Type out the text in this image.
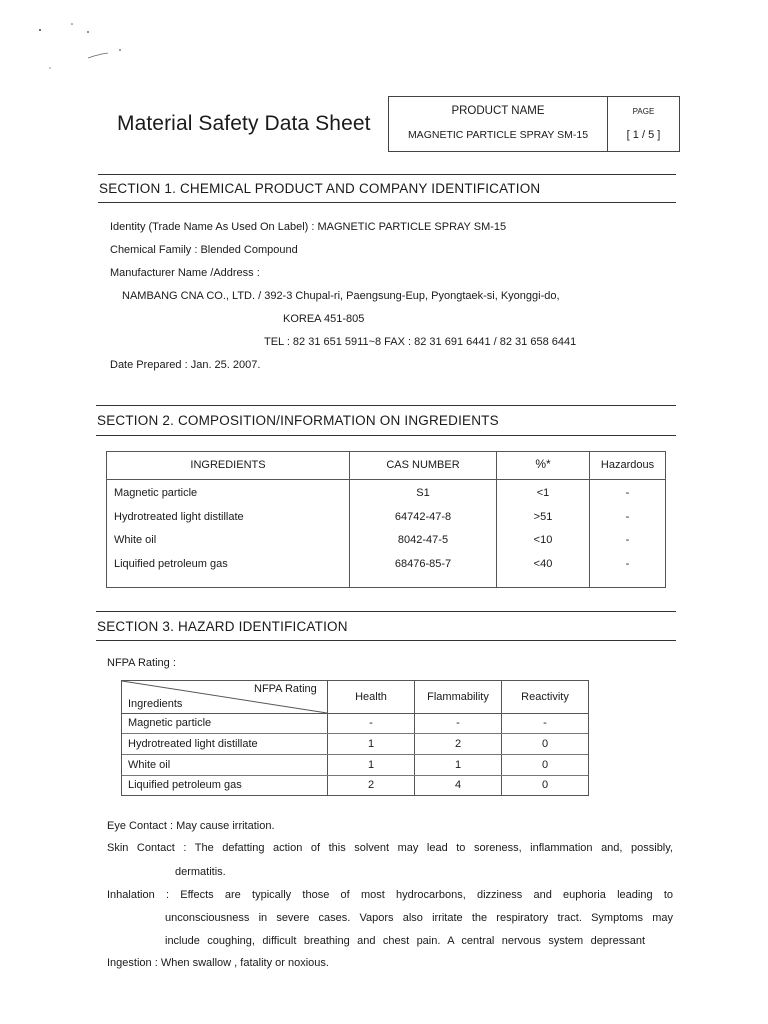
Material Safety Data Sheet
PRODUCT NAME
MAGNETIC PARTICLE SPRAY SM-15
PAGE
[ 1 / 5 ]
SECTION 1. CHEMICAL PRODUCT AND COMPANY IDENTIFICATION
Identity (Trade Name As Used On Label) : MAGNETIC PARTICLE SPRAY SM-15
Chemical Family : Blended Compound
Manufacturer Name /Address :
NAMBANG CNA CO., LTD. / 392-3 Chupal-ri, Paengsung-Eup, Pyongtaek-si, Kyonggi-do,
KOREA 451-805
TEL : 82 31 651 5911~8 FAX : 82 31 691 6441 / 82 31 658 6441
Date Prepared : Jan. 25. 2007.
SECTION 2. COMPOSITION/INFORMATION ON INGREDIENTS
INGREDIENTS	CAS NUMBER	%*	Hazardous
Magnetic particle	S1	<1	-
Hydrotreated light distillate	64742-47-8	>51	-
White oil	8042-47-5	<10	-
Liquified petroleum gas	68476-85-7	<40	-
SECTION 3. HAZARD IDENTIFICATION
NFPA Rating :
NFPA Rating
Ingredients
Health	Flammability	Reactivity
Magnetic particle	-	-	-
Hydrotreated light distillate	1	2	0
White oil	1	1	0
Liquified petroleum gas	2	4	0
Eye Contact : May cause irritation.
Skin Contact : The defatting action of this solvent may lead to soreness, inflammation and, possibly,
dermatitis.
Inhalation : Effects are typically those of most hydrocarbons, dizziness and euphoria leading to
unconsciousness in severe cases. Vapors also irritate the respiratory tract. Symptoms may
include coughing, difficult breathing and chest pain. A central nervous system depressant
Ingestion : When swallow , fatality or noxious.
